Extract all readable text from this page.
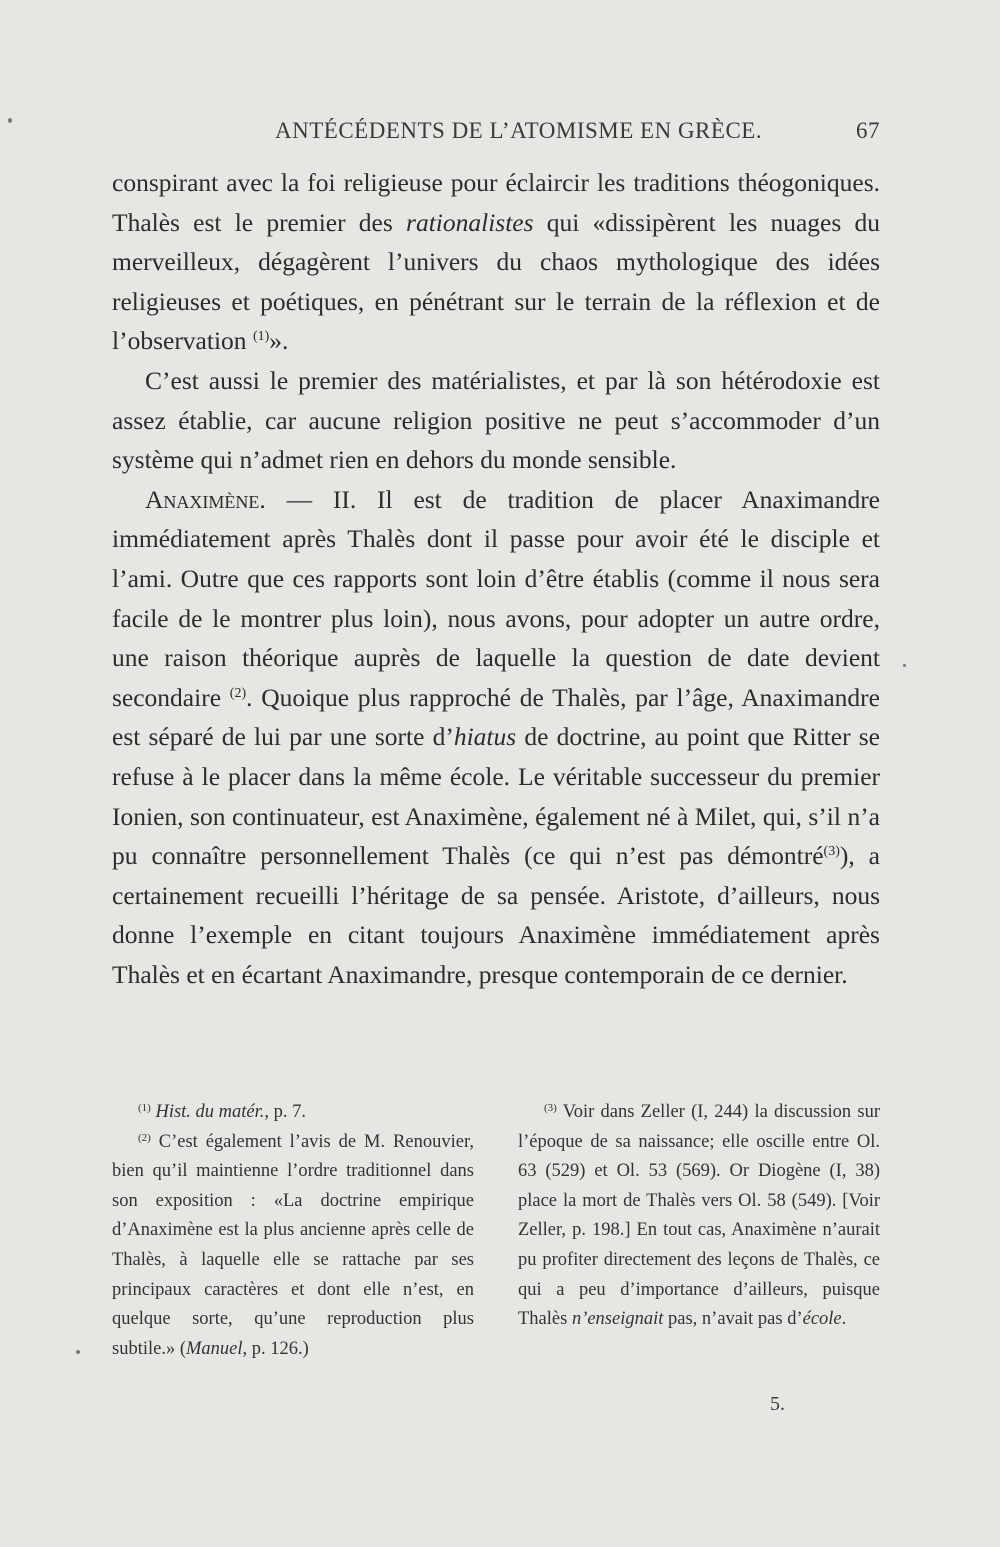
ANTÉCÉDENTS DE L’ATOMISME EN GRÈCE.	67

conspirant avec la foi religieuse pour éclaircir les traditions théogoniques. Thalès est le premier des rationalistes qui «dissipèrent les nuages du merveilleux, dégagèrent l’univers du chaos mythologique des idées religieuses et poétiques, en pénétrant sur le terrain de la réflexion et de l’observation $^{(1)}$».

C’est aussi le premier des matérialistes, et par là son hétérodoxie est assez établie, car aucune religion positive ne peut s’accommoder d’un système qui n’admet rien en dehors du monde sensible.

Anaximène. — II. Il est de tradition de placer Anaximandre immédiatement après Thalès dont il passe pour avoir été le disciple et l’ami. Outre que ces rapports sont loin d’être établis (comme il nous sera facile de le montrer plus loin), nous avons, pour adopter un autre ordre, une raison théorique auprès de laquelle la question de date devient secondaire $^{(2)}$. Quoique plus rapproché de Thalès, par l’âge, Anaximandre est séparé de lui par une sorte d’hiatus de doctrine, au point que Ritter se refuse à le placer dans la même école. Le véritable successeur du premier Ionien, son continuateur, est Anaximène, également né à Milet, qui, s’il n’a pu connaître personnellement Thalès (ce qui n’est pas démontré$^{(3)}$), a certainement recueilli l’héritage de sa pensée. Aristote, d’ailleurs, nous donne l’exemple en citant toujours Anaximène immédiatement après Thalès et en écartant Anaximandre, presque contemporain de ce dernier.

$^{(1)}$ Hist. du matér., p. 7.

$^{(2)}$ C’est également l’avis de M. Renouvier, bien qu’il maintienne l’ordre traditionnel dans son exposition : «La doctrine empirique d’Anaximène est la plus ancienne après celle de Thalès, à laquelle elle se rattache par ses principaux caractères et dont elle n’est, en quelque sorte, qu’une reproduction plus subtile.» (Manuel, p. 126.)

$^{(3)}$ Voir dans Zeller (I, 244) la discussion sur l’époque de sa naissance; elle oscille entre Ol. 63 (529) et Ol. 53 (569). Or Diogène (I, 38) place la mort de Thalès vers Ol. 58 (549). [Voir Zeller, p. 198.] En tout cas, Anaximène n’aurait pu profiter directement des leçons de Thalès, ce qui a peu d’importance d’ailleurs, puisque Thalès n’enseignait pas, n’avait pas d’école.

5.
